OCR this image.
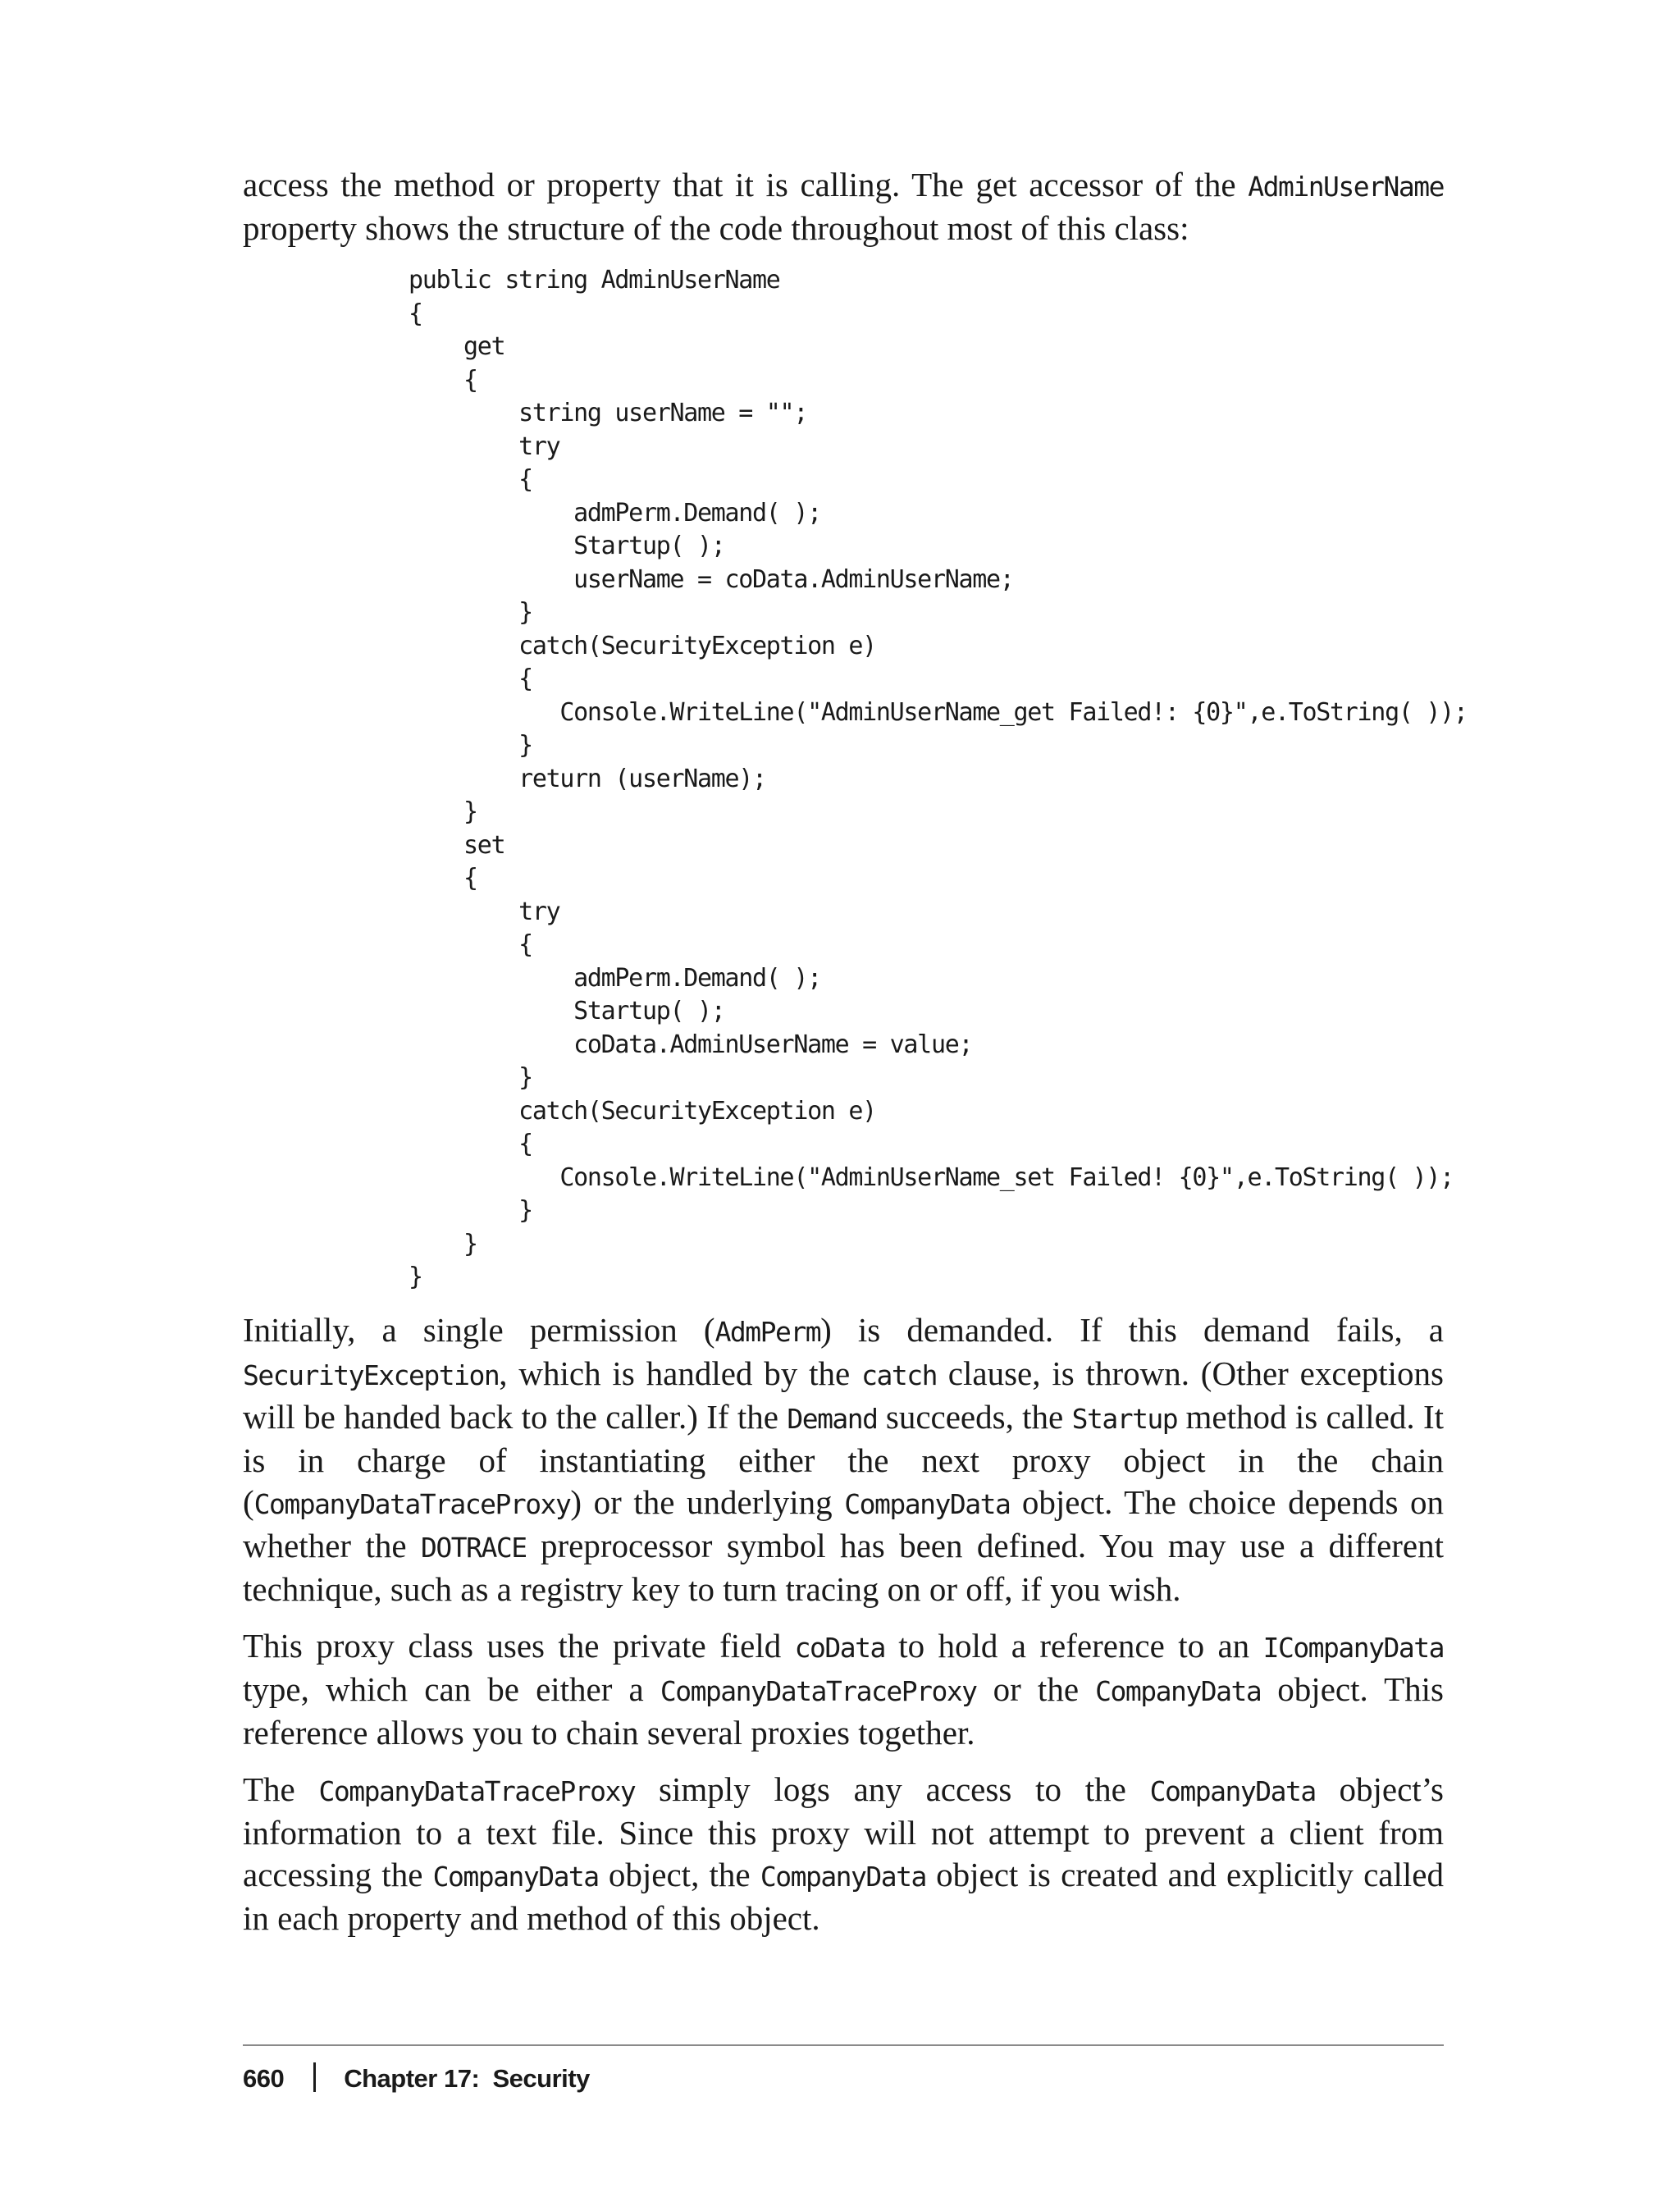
access the method or property that it is calling. The get accessor of the AdminUserName property shows the structure of the code throughout most of this class:

public string AdminUserName
{
get
{
string userName = "";
try
{
admPerm.Demand( );
Startup( );
userName = coData.AdminUserName;
}
catch(SecurityException e)
{
Console.WriteLine("AdminUserName_get Failed!: {0}",e.ToString( ));
}
return (userName);
}
set
{
try
{
admPerm.Demand( );
Startup( );
coData.AdminUserName = value;
}
catch(SecurityException e)
{
Console.WriteLine("AdminUserName_set Failed! {0}",e.ToString( ));
}
}
}

Initially, a single permission (AdmPerm) is demanded. If this demand fails, a SecurityException, which is handled by the catch clause, is thrown. (Other exceptions will be handed back to the caller.) If the Demand succeeds, the Startup method is called. It is in charge of instantiating either the next proxy object in the chain (CompanyDataTraceProxy) or the underlying CompanyData object. The choice depends on whether the DOTRACE preprocessor symbol has been defined. You may use a different technique, such as a registry key to turn tracing on or off, if you wish.

This proxy class uses the private field coData to hold a reference to an ICompanyData type, which can be either a CompanyDataTraceProxy or the CompanyData object. This reference allows you to chain several proxies together.

The CompanyDataTraceProxy simply logs any access to the CompanyData object’s information to a text file. Since this proxy will not attempt to prevent a client from accessing the CompanyData object, the CompanyData object is created and explicitly called in each property and method of this object.

660 Chapter 17:  Security
